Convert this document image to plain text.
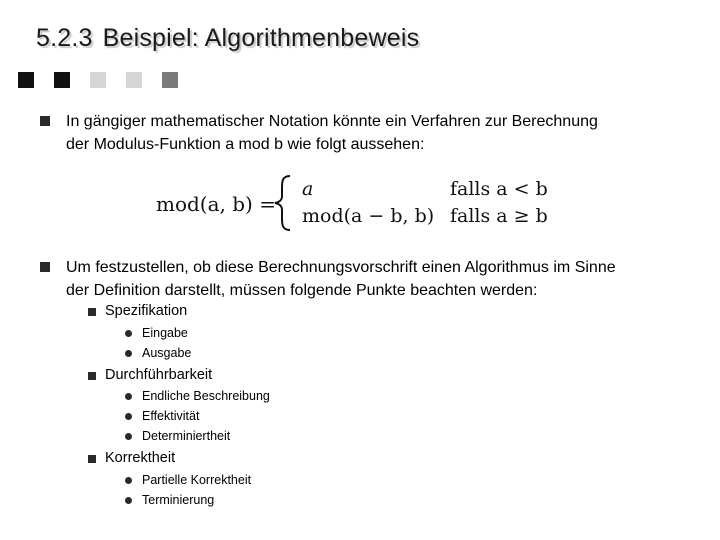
5.2.3 Beispiel: Algorithmenbeweis
In gängiger mathematischer Notation könnte ein Verfahren zur Berechnung
der Modulus-Funktion a mod b wie folgt aussehen:
mod(a, b) =
a	falls a < b
mod(a − b, b) falls a ≥ b
Um festzustellen, ob diese Berechnungsvorschrift einen Algorithmus im Sinne
der Definition darstellt, müssen folgende Punkte beachten werden:
Spezifikation
Eingabe
Ausgabe
Durchführbarkeit
Endliche Beschreibung
Effektivität
Determiniertheit
Korrektheit
Partielle Korrektheit
Terminierung
